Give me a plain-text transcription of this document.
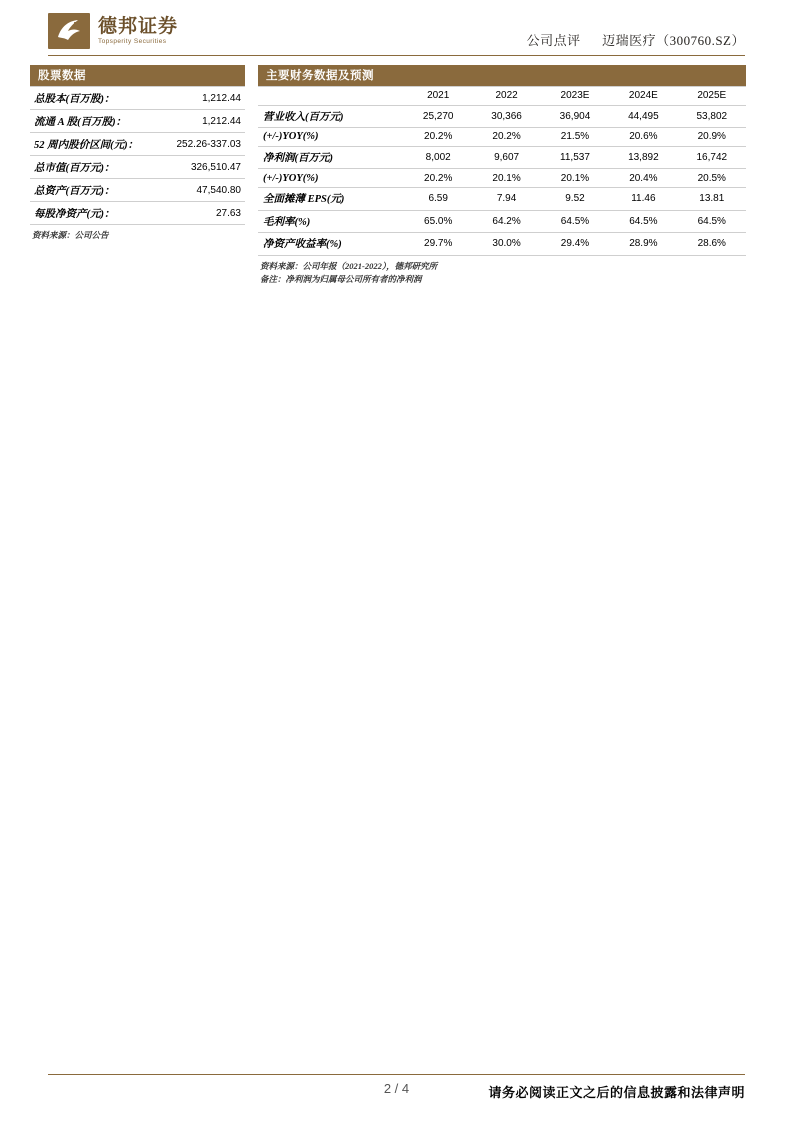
德邦证券
Topsperity Securities	公司点评 迈瑞医疗（300760.SZ）
股票数据
总股本(百万股)：	1,212.44
流通 A 股(百万股)：	1,212.44
52 周内股价区间(元)：	252.26-337.03
总市值(百万元)：	326,510.47
总资产(百万元)：	47,540.80
每股净资产(元)：	27.63
资料来源：公司公告
主要财务数据及预测
	2021	2022	2023E	2024E	2025E
营业收入(百万元)	25,270	30,366	36,904	44,495	53,802
(+/-)YOY(%)	20.2%	20.2%	21.5%	20.6%	20.9%
净利润(百万元)	8,002	9,607	11,537	13,892	16,742
(+/-)YOY(%)	20.2%	20.1%	20.1%	20.4%	20.5%
全面摊薄 EPS(元)	6.59	7.94	9.52	11.46	13.81
毛利率(%)	65.0%	64.2%	64.5%	64.5%	64.5%
净资产收益率(%)	29.7%	30.0%	29.4%	28.9%	28.6%
资料来源：公司年报（2021-2022），德邦研究所
备注：净利润为归属母公司所有者的净利润
2 / 4	请务必阅读正文之后的信息披露和法律声明
